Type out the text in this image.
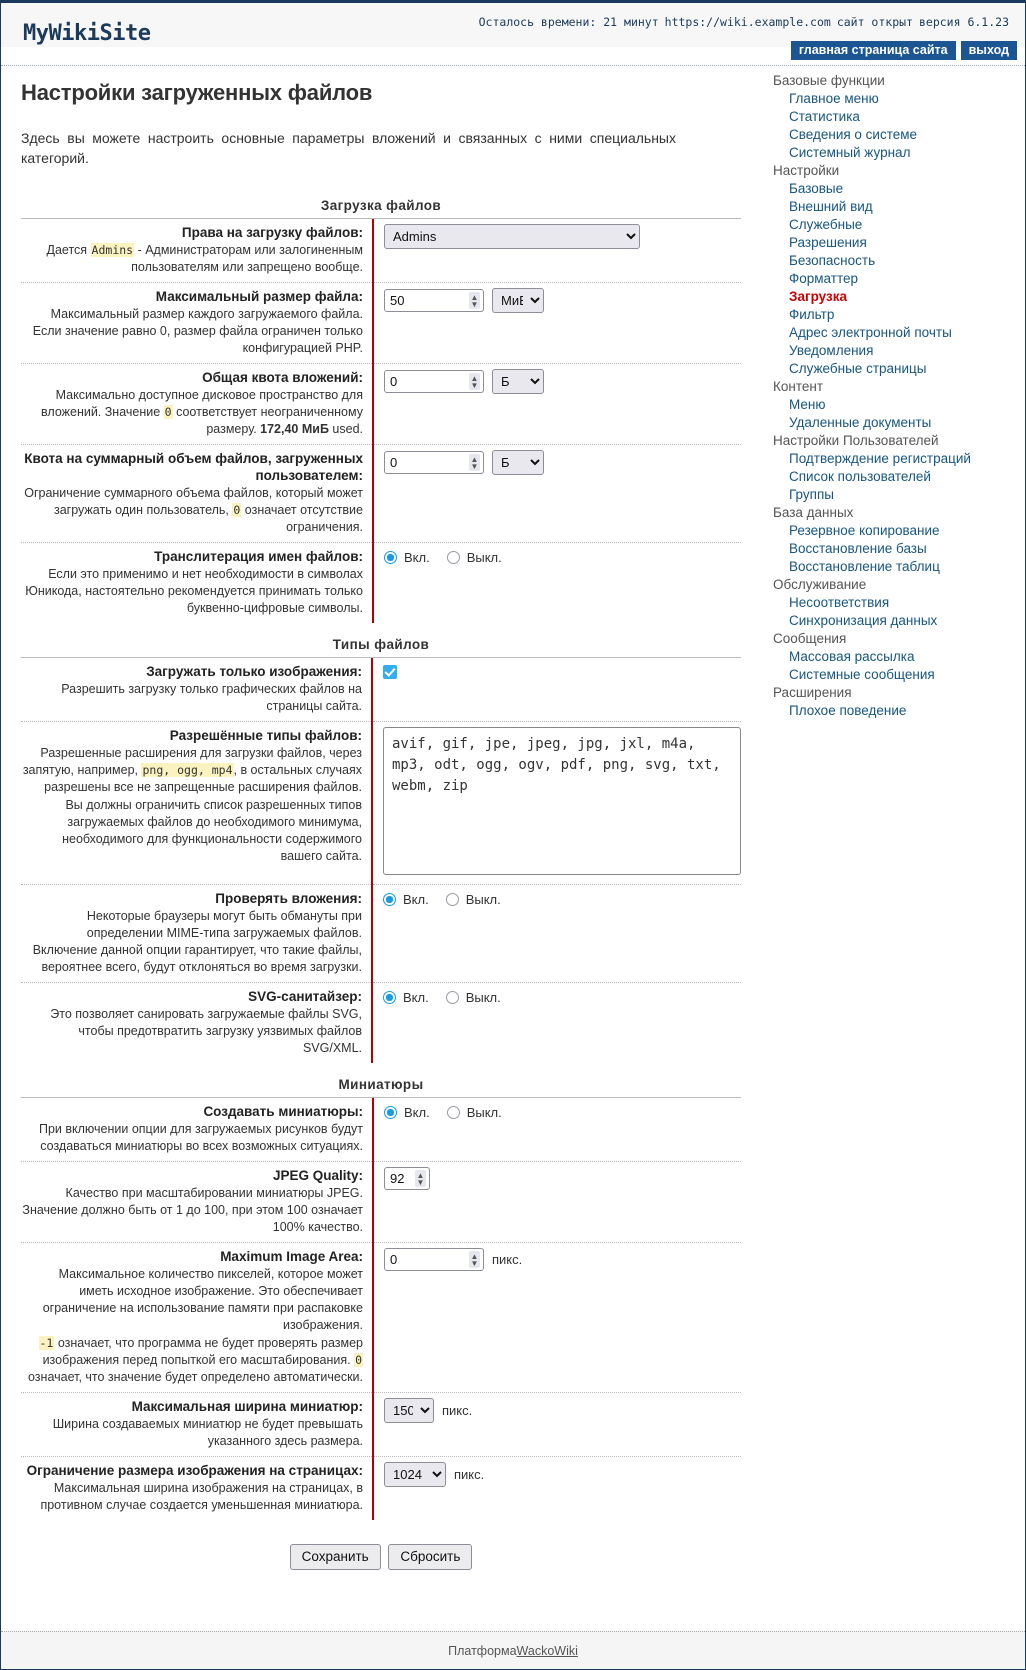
MyWikiSite	Осталось времени: 21 минут https://wiki.example.com сайт открыт версия 6.1.23
главная страница сайта	выход
Настройки загруженных файлов

Здесь вы можете настроить основные параметры вложений и связанных с ними специальных категорий.

Загрузка файлов
Права на загрузку файлов:
Дается Admins - Администраторам или залогиненным пользователям или запрещено вообще.

Admins

Максимальный размер файла:
Максимальный размер каждого загружаемого файла. Если значение равно 0, размер файла ограничен только конфигурацией PHP.

50
▲
▼
МиБ

Общая квота вложений:
Максимально доступное дисковое пространство для вложений. Значение 0 соответствует неограниченному размеру. 172,40 МиБ used.

0
▲
▼
Б

Квота на суммарный объем файлов, загруженных пользователем:
Ограничение суммарного объема файлов, который может загружать один пользователь, 0 означает отсутствие ограничения.

0
▲
▼
Б

Транслитерация имен файлов:
Если это применимо и нет необходимости в символах Юникода, настоятельно рекомендуется принимать только буквенно-цифровые символы.	Вкл. Выкл.
Типы файлов
Загружать только изображения:
Разрешить загрузку только графических файлов на страницы сайта.	

Разрешённые типы файлов:
Разрешенные расширения для загрузки файлов, через запятую, например, png, ogg, mp4, в остальных случаях разрешены все не запрещенные расширения файлов.
Вы должны ограничить список разрешенных типов загружаемых файлов до необходимого минимума, необходимого для функциональности содержимого вашего сайта.
	avif, gif, jpe, jpeg, jpg, jxl, m4a, mp3, odt, ogg, ogv, pdf, png, svg, txt, webm, zip

Проверять вложения:
Некоторые браузеры могут быть обмануты при определении MIME-типа загружаемых файлов. Включение данной опции гарантирует, что такие файлы, вероятнее всего, будут отклоняться во время загрузки.	Вкл. Выкл.

SVG-санитайзер:
Это позволяет санировать загружаемые файлы SVG, чтобы предотвратить загрузку уязвимых файлов SVG/XML.	Вкл. Выкл.
Миниатюры
Создавать миниатюры:
При включении опции для загружаемых рисунков будут создаваться миниатюры во всех возможных ситуациях.	Вкл. Выкл.

JPEG Quality:
Качество при масштабировании миниатюры JPEG. Значение должно быть от 1 до 100, при этом 100 означает 100% качество.
	92
▲
▼

Maximum Image Area:
Максимальное количество пикселей, которое может иметь исходное изображение. Это обеспечивает ограничение на использование памяти при распаковке изображения.
-1 означает, что программа не будет проверять размер изображения перед попыткой его масштабирования. 0 означает, что значение будет определено автоматически.

0
▲
▼ пикс.

Максимальная ширина миниатюр:
Ширина создаваемых миниатюр не будет превышать указанного здесь размера.

150
пикс.

Ограничение размера изображения на страницах:
Максимальная ширина изображения на страницах, в противном случае создается уменьшенная миниатюра.

1024
пикс.
Сохранить Сбросить
Базовые функции
Главное меню
Статистика
Сведения о системе
Системный журнал
Настройки
Базовые
Внешний вид
Служебные
Разрешения
Безопасность
Форматтер
Загрузка
Фильтр
Адрес электронной почты
Уведомления
Служебные страницы
Контент
Меню
Удаленные документы
Настройки Пользователей
Подтверждение регистраций
Список пользователей
Группы
База данных
Резервное копирование
Восстановление базы
Восстановление таблиц
Обслуживание
Несоответствия
Синхронизация данных
Сообщения
Массовая рассылка
Системные сообщения
Расширения
Плохое поведение
Платформа WackoWiki
